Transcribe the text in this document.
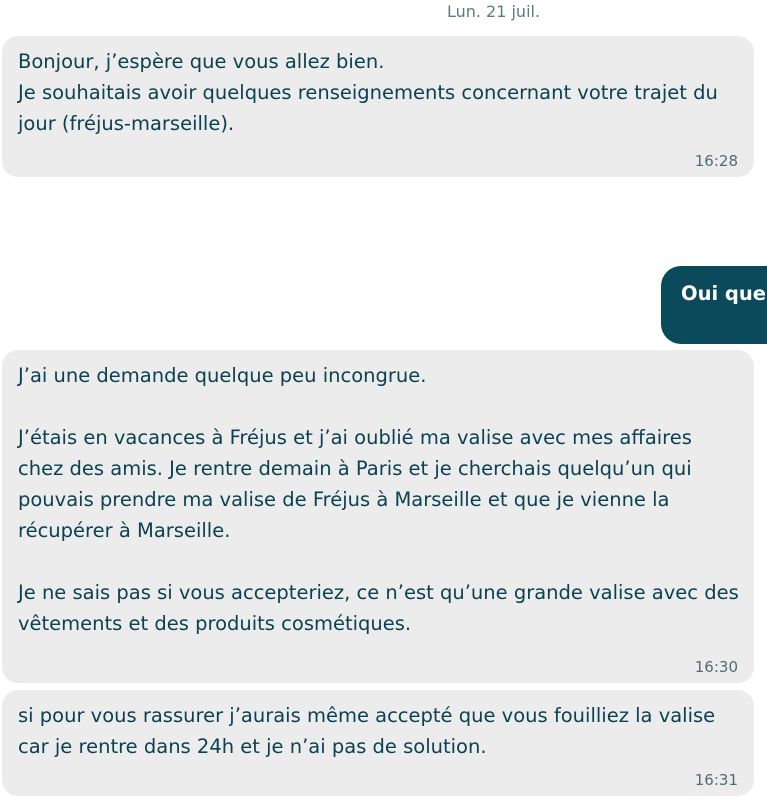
Lun. 21 juil.
Bonjour, j’espère que vous allez bien.
Je souhaitais avoir quelques renseignements concernant votre trajet du jour (fréjus-marseille).
16:28
Oui que
J’ai une demande quelque peu incongrue.

J’étais en vacances à Fréjus et j’ai oublié ma valise avec mes affaires chez des amis. Je rentre demain à Paris et je cherchais quelqu’un qui pouvais prendre ma valise de Fréjus à Marseille et que je vienne la récupérer à Marseille.

Je ne sais pas si vous accepteriez, ce n’est qu’une grande valise avec des vêtements et des produits cosmétiques.
16:30
si pour vous rassurer j’aurais même accepté que vous fouilliez la valise car je rentre dans 24h et je n’ai pas de solution.
16:31
